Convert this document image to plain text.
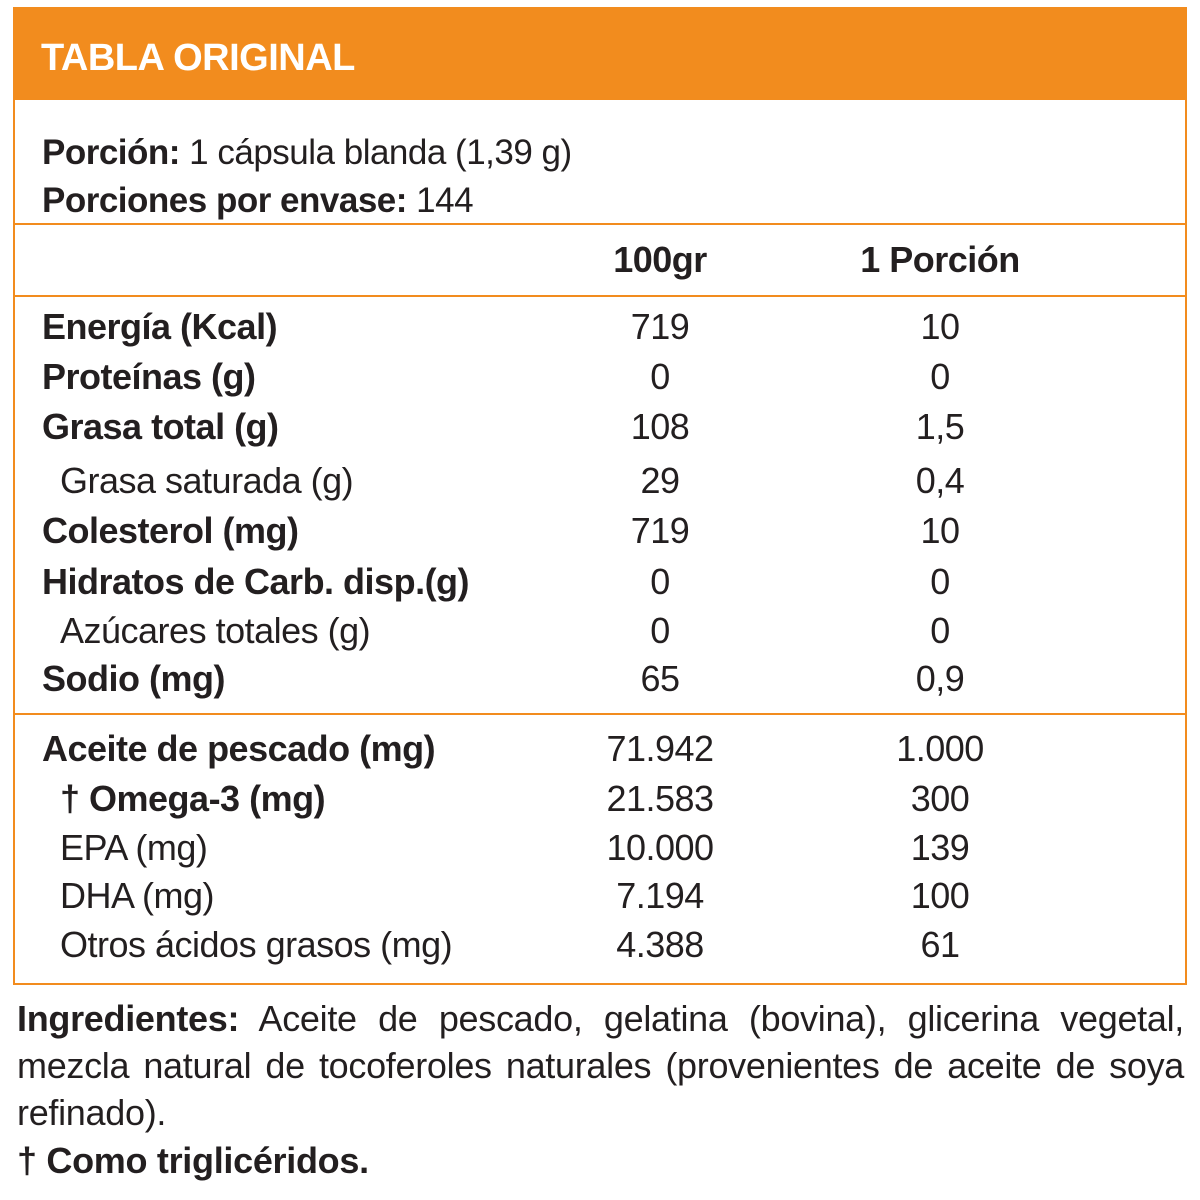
TABLA ORIGINAL
Porción: 1 cápsula blanda (1,39 g)
Porciones por envase: 144
100gr	1 Porción
Energía (Kcal)	719	10
Proteínas (g)	0	0
Grasa total (g)	108	1,5
Grasa saturada (g)	29	0,4
Colesterol (mg)	719	10
Hidratos de Carb. disp.(g)	0	0
Azúcares totales (g)	0	0
Sodio (mg)	65	0,9
Aceite de pescado (mg)	71.942	1.000
† Omega-3 (mg)	21.583	300
EPA (mg)	10.000	139
DHA (mg)	7.194	100
Otros ácidos grasos (mg)	4.388	61
Ingredientes: Aceite de pescado, gelatina (bovina), glicerina vegetal, mezcla natural de tocoferoles naturales (provenientes de aceite de soya refinado).
† Como triglicéridos.
